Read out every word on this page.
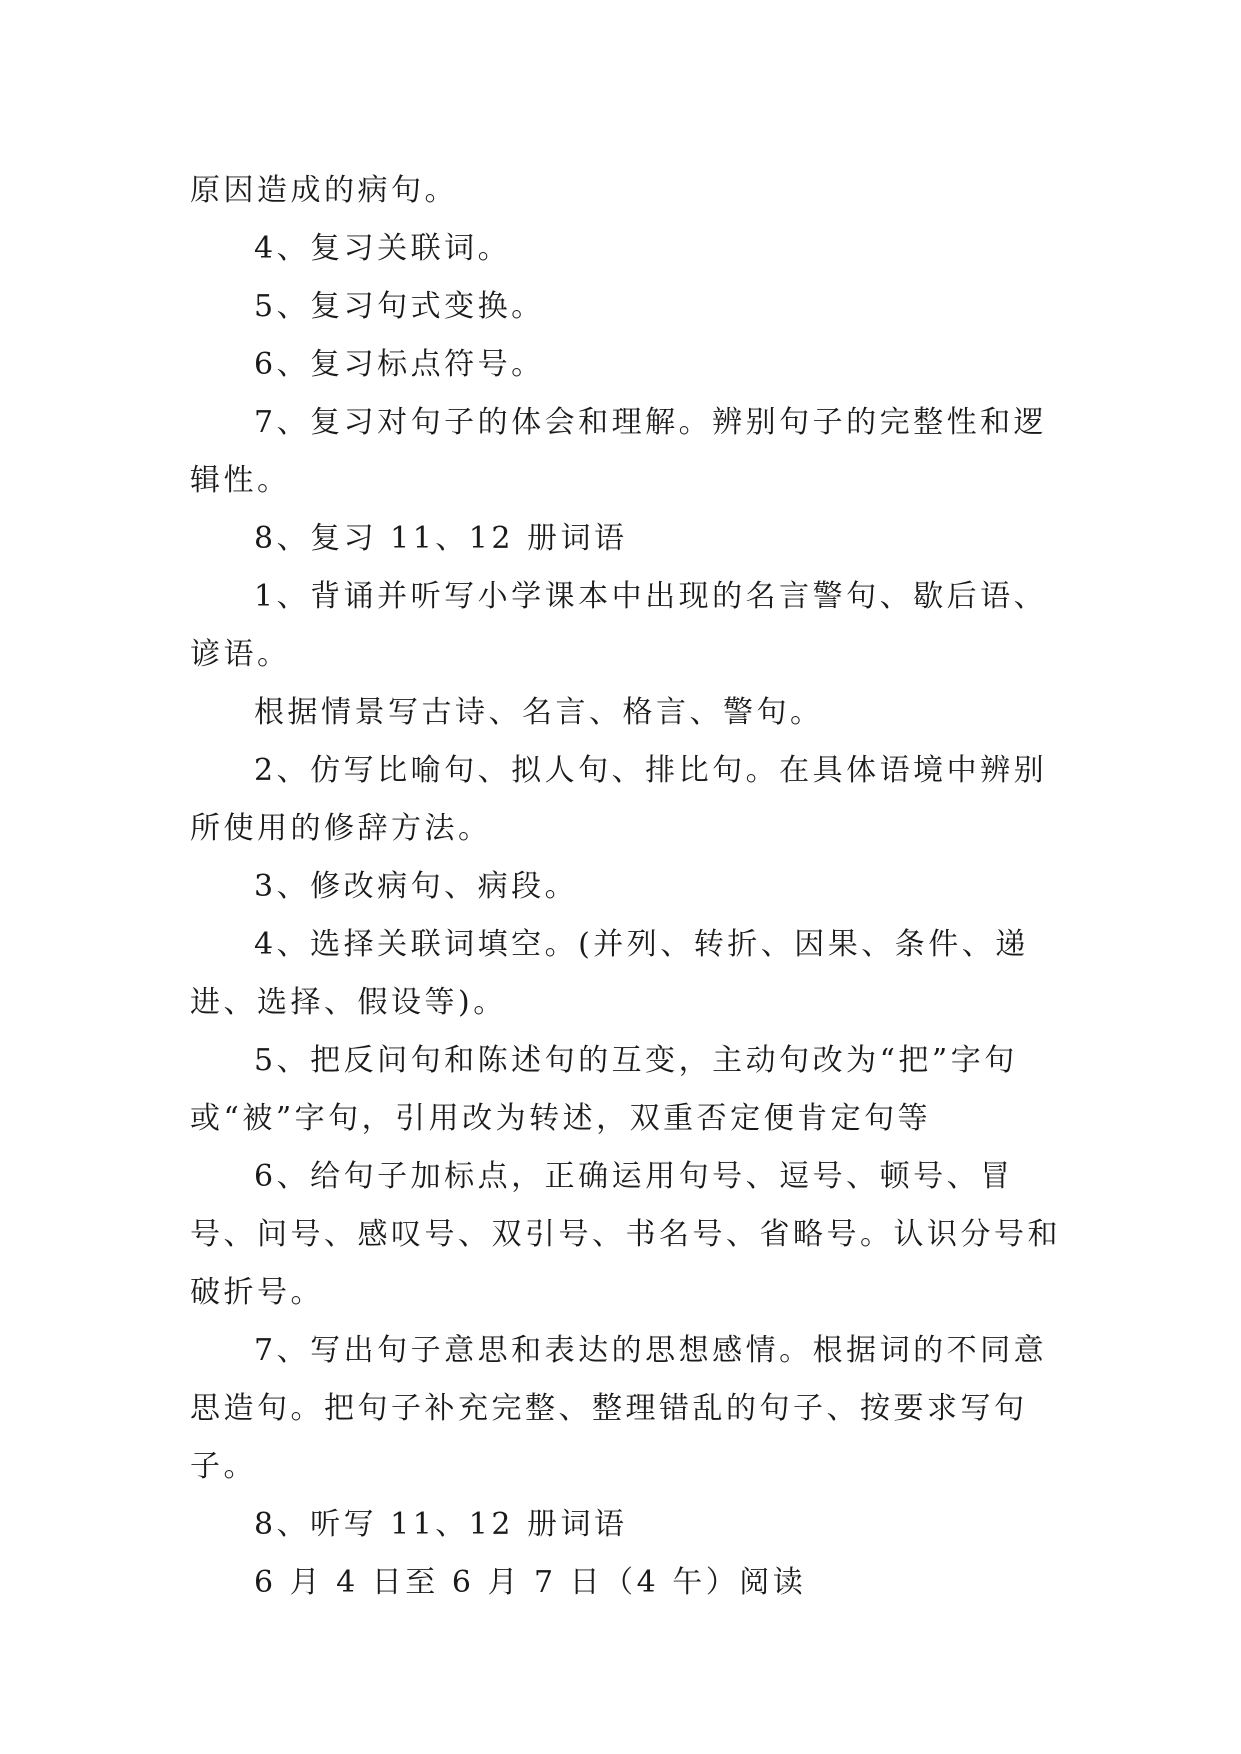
原因造成的病句。

4、复习关联词。

5、复习句式变换。

6、复习标点符号。

7、复习对句子的体会和理解。辨别句子的完整性和逻辑性。

8、复习 11、12 册词语

1、背诵并听写小学课本中出现的名言警句、歇后语、谚语。

根据情景写古诗、名言、格言、警句。

2、仿写比喻句、拟人句、排比句。在具体语境中辨别所使用的修辞方法。

3、修改病句、病段。

4、选择关联词填空。(并列、转折、因果、条件、递进、选择、假设等)。

5、把反问句和陈述句的互变，主动句改为“把”字句或“被”字句，引用改为转述，双重否定便肯定句等

6、给句子加标点，正确运用句号、逗号、顿号、冒号、问号、感叹号、双引号、书名号、省略号。认识分号和破折号。

7、写出句子意思和表达的思想感情。根据词的不同意思造句。把句子补充完整、整理错乱的句子、按要求写句子。

8、听写 11、12 册词语

6 月 4 日至 6 月 7 日（4 午）阅读
